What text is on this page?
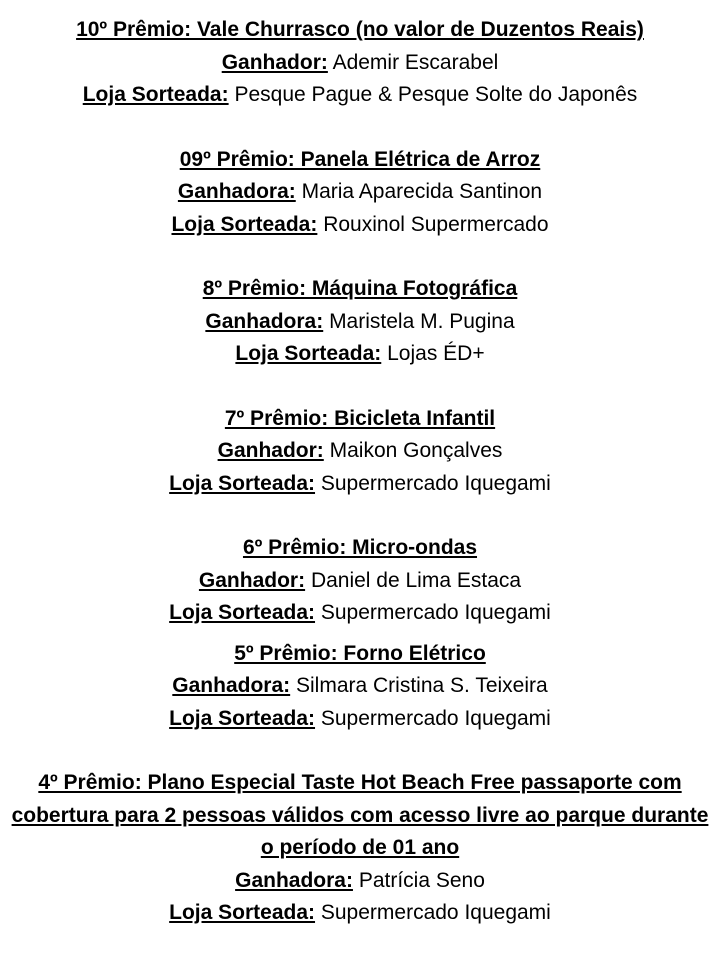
10º Prêmio: Vale Churrasco (no valor de Duzentos Reais)
Ganhador: Ademir Escarabel
Loja Sorteada: Pesque Pague & Pesque Solte do Japonês
09º Prêmio: Panela Elétrica de Arroz
Ganhadora: Maria Aparecida Santinon
Loja Sorteada: Rouxinol Supermercado
8º Prêmio: Máquina Fotográfica
Ganhadora: Maristela M. Pugina
Loja Sorteada: Lojas ÉD+
7º Prêmio: Bicicleta Infantil
Ganhador: Maikon Gonçalves
Loja Sorteada: Supermercado Iquegami
6º Prêmio: Micro-ondas
Ganhador: Daniel de Lima Estaca
Loja Sorteada: Supermercado Iquegami
5º Prêmio: Forno Elétrico
Ganhadora: Silmara Cristina S. Teixeira
Loja Sorteada: Supermercado Iquegami
4º Prêmio: Plano Especial Taste Hot Beach Free passaporte com cobertura para 2 pessoas válidos com acesso livre ao parque durante o período de 01 ano
Ganhadora: Patrícia Seno
Loja Sorteada: Supermercado Iquegami
